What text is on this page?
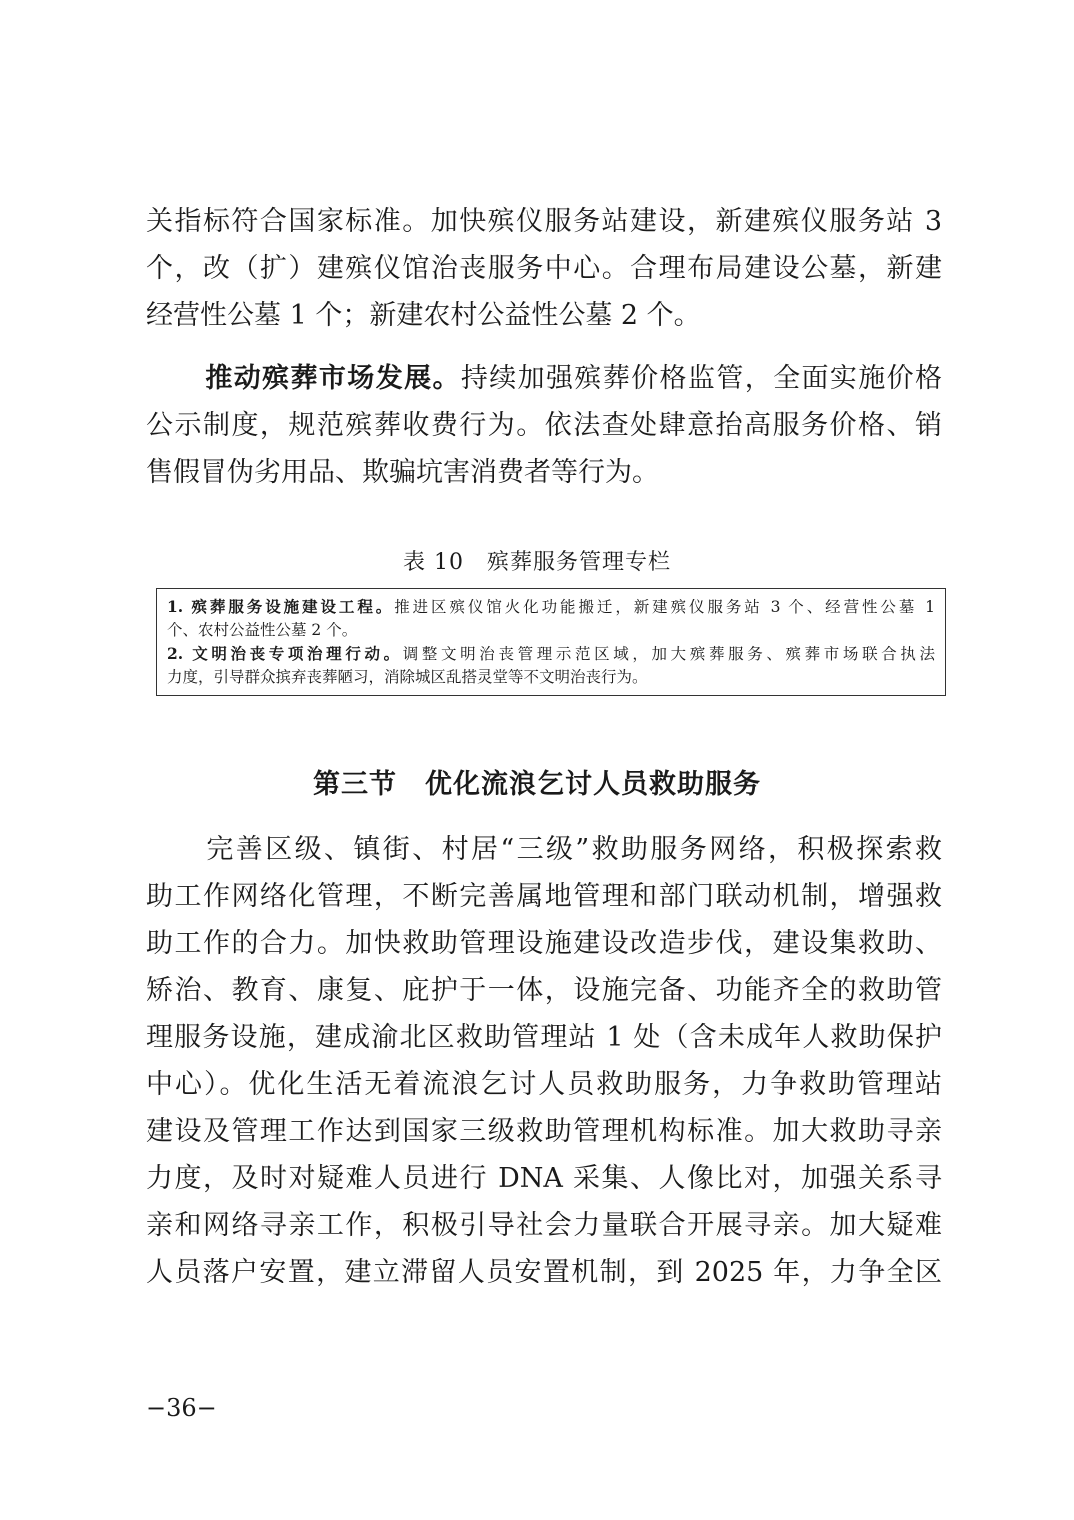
关指标符合国家标准。加快殡仪服务站建设，新建殡仪服务站 3
个，改（扩）建殡仪馆治丧服务中心。合理布局建设公墓，新建
经营性公墓 1 个；新建农村公益性公墓 2 个。
推动殡葬市场发展。持续加强殡葬价格监管，全面实施价格
公示制度，规范殡葬收费行为。依法查处肆意抬高服务价格、销
售假冒伪劣用品、欺骗坑害消费者等行为。

表 10　殡葬服务管理专栏

1. 殡葬服务设施建设工程。推进区殡仪馆火化功能搬迁，新建殡仪服务站 3 个、经营性公墓 1
个、农村公益性公墓 2 个。
2. 文明治丧专项治理行动。调整文明治丧管理示范区域，加大殡葬服务、殡葬市场联合执法
力度，引导群众摈弃丧葬陋习，消除城区乱搭灵堂等不文明治丧行为。

第三节　优化流浪乞讨人员救助服务

完善区级、镇街、村居“三级”救助服务网络，积极探索救
助工作网络化管理，不断完善属地管理和部门联动机制，增强救
助工作的合力。加快救助管理设施建设改造步伐，建设集救助、
矫治、教育、康复、庇护于一体，设施完备、功能齐全的救助管
理服务设施，建成渝北区救助管理站 1 处（含未成年人救助保护
中心）。优化生活无着流浪乞讨人员救助服务，力争救助管理站
建设及管理工作达到国家三级救助管理机构标准。加大救助寻亲
力度，及时对疑难人员进行 DNA 采集、人像比对，加强关系寻
亲和网络寻亲工作，积极引导社会力量联合开展寻亲。加大疑难
人员落户安置，建立滞留人员安置机制，到 2025 年，力争全区

−36−
